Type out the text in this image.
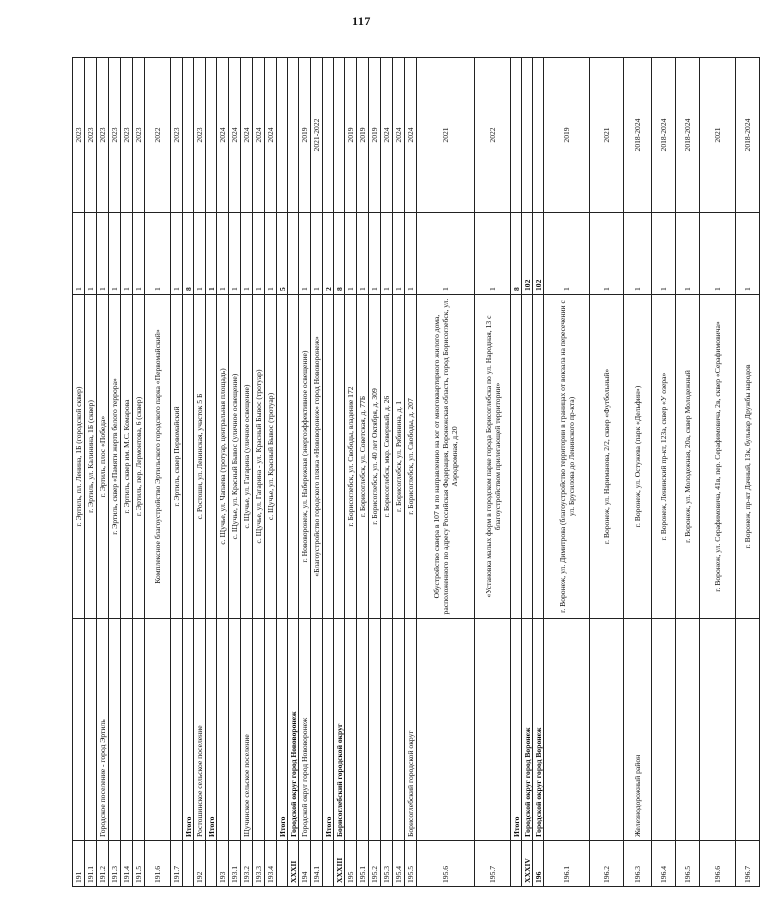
117
191		г. Эртиль, пл. Ленина, 1Б (городской сквер)	1	2023
191.1		г. Эртиль, ул. Калинина, 1Б (сквер)	1	2023
191.2	Городское поселение - город Эртиль	г. Эртиль, плос «Победа»	1	2023
191.3		г. Эртиль, сквер «Памяти жертв белого террора»	1	2023
191.4		г. Эртиль, сквер им. М.С. Комарова	1	2023
191.5		г. Эртиль, пер. Лермонтова, 6 (сквер)	1	2023
191.6		Комплексное благоустройство Эртильского городского парка «Первомайский»	1	2022
191.7		г. Эртиль, сквер Первомайский	1	2023
	Итого		8	
192	Ростошинское сельское поселение	с. Ростоши, ул. Ленинская, участок 5 Б	1	2023
	Итого		1	
193		с. Щучье, ул. Чапаева (тротуар, центральная площадь)	1	2024
193.1		с. Щучье, ул. Красный Бывос (уличное освещение)	1	2024
193.2	Щучинское сельское поселение	с. Щучье, ул. Гагарина (уличное освещение)	1	2024
193.3		с. Щучье, ул. Гагарина - ул. Красный Бывос (тротуар)	1	2024
193.4		с. Щучье, ул. Красный Бывос (тротуар)	1	2024
	Итого		5	
XXXII	Городской округ город Нововоронеж			
194	Городской округ город Нововоронеж	г. Нововоронеж, ул. Набережная (энергоэффективное освещение)	1	2019
194.1		«Благоустройство городского пляжа «Нововоронеж» город Нововоронеж»	1	2021-2022
	Итого		2	
XXXIII	Борисоглебский городской округ		8	
195		г. Борисоглебск, ул. Свободы, владение 172	1	2019
195.1		г. Борисоглебск, ул. Советская, д. 77Б	1	2019
195.2		г. Борисоглебск, ул. 40 лет Октября, д. 309	1	2019
195.3		г. Борисоглебск, мкр. Северный, д. 26	1	2024
195.4		г. Борисоглебск, ул. Рябинина, д. 1	1	2024
195.5	Борисоглебский городской округ	г. Борисоглебск, ул. Свободы, д. 207	1	2024
195.6		Обустройство сквера в 107 м по направлению на юг от многоквартирного жилого дома, расположенного по адресу Российская Федерация, Воронежская область, город Борисоглебск, ул. Аэродромная, д.20	1	2021
195.7		«Установка малых форм в городском парке города Борисоглебска по ул. Народная, 13 с благоустройством прилегающей территории»	1	2022
	Итого		8	
XXXIV	Городской округ город Воронеж		102	
196	Городской округ город Воронеж		102	
196.1		г. Воронеж, ул. Димитрова (благоустройство территории в границах от вокзала на пересечении с ул. Брусилова до Ленинского пр-кта)	1	2019
196.2		г. Воронеж, ул. Нариманова, 2/2, сквер «Футбольный»	1	2021
196.3	Железнодорожный район	г. Воронеж, ул. Остужева (парк «Дельфин»)	1	2018-2024
196.4		г. Воронеж, Ленинский пр-кт, 123а, сквер «У озера»	1	2018-2024
196.5		г. Воронеж, ул. Молодежная, 20а, сквер Молодежный	1	2018-2024
196.6		г. Воронеж, ул. Серафимовича, 41в, пер. Серафимовича, 2в, сквер «Серафимовича»	1	2021
196.7		г. Воронеж, пр-кт Дачный, 13к, бульвар Дружбы народов	1	2018-2024
